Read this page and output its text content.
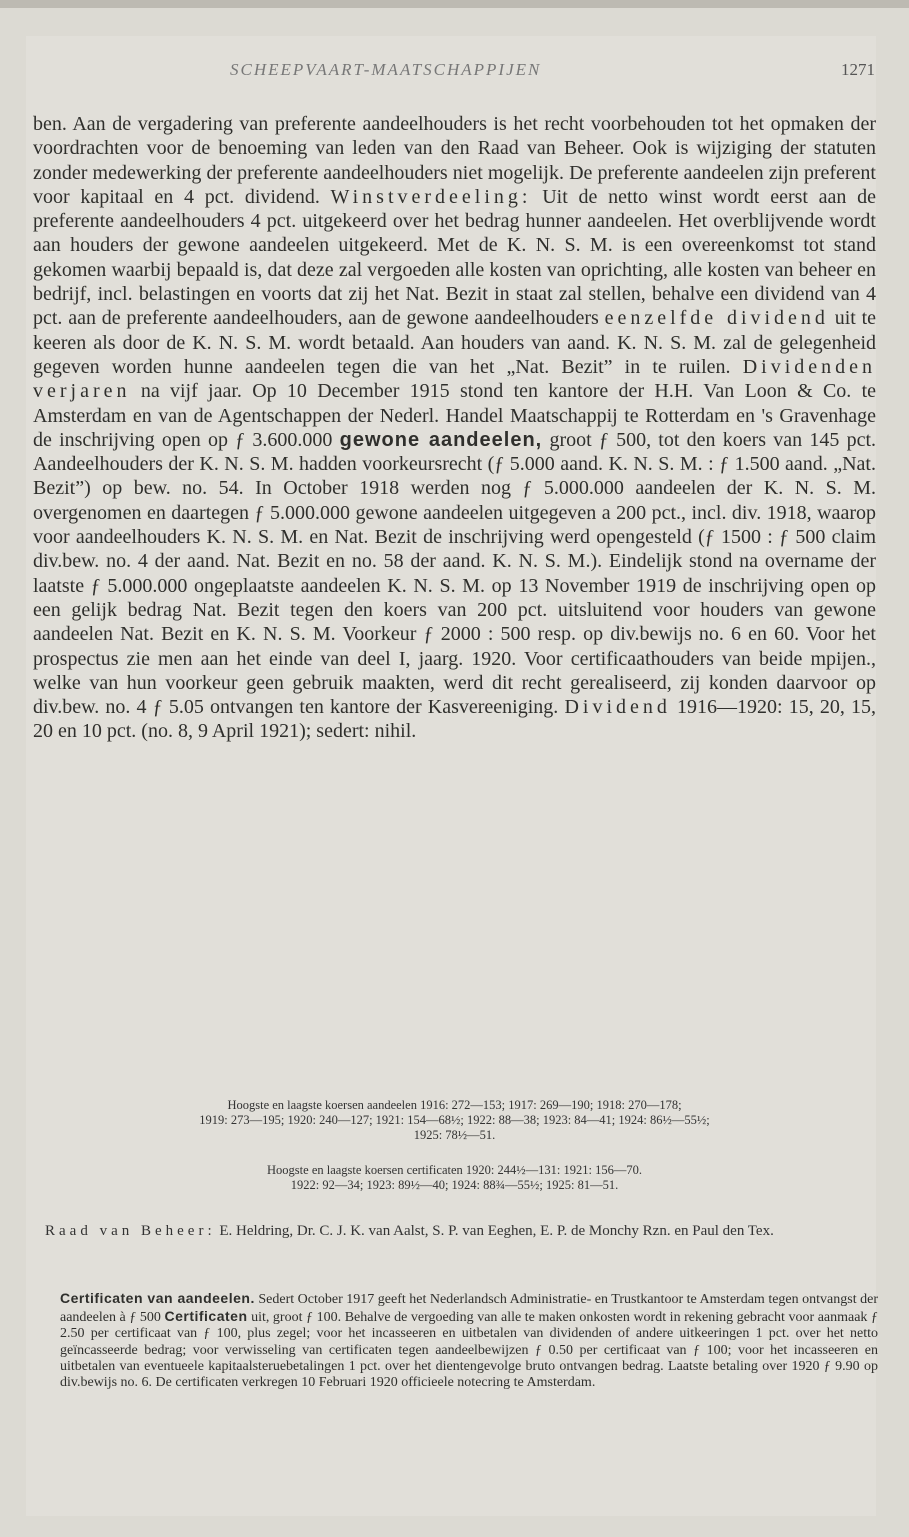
SCHEEPVAART-MAATSCHAPPIJEN	1271
ben. Aan de vergadering van preferente aandeelhouders is het recht voorbehouden tot het opmaken der voordrachten voor de benoeming van leden van den Raad van Beheer. Ook is wijziging der statuten zonder medewerking der preferente aandeelhouders niet mogelijk. De preferente aandeelen zijn preferent voor kapitaal en 4 pct. dividend. Winstverdeeling: Uit de netto winst wordt eerst aan de preferente aandeelhouders 4 pct. uitgekeerd over het bedrag hunner aandeelen. Het overblijvende wordt aan houders der gewone aandeelen uitgekeerd. Met de K. N. S. M. is een overeenkomst tot stand gekomen waarbij bepaald is, dat deze zal vergoeden alle kosten van oprichting, alle kosten van beheer en bedrijf, incl. belastingen en voorts dat zij het Nat. Bezit in staat zal stellen, behalve een dividend van 4 pct. aan de preferente aandeelhouders, aan de gewone aandeelhouders eenzelfde dividend uit te keeren als door de K. N. S. M. wordt betaald. Aan houders van aand. K. N. S. M. zal de gelegenheid gegeven worden hunne aandeelen tegen die van het „Nat. Bezit” in te ruilen. Dividenden verjaren na vijf jaar. Op 10 December 1915 stond ten kantore der H.H. Van Loon & Co. te Amsterdam en van de Agentschappen der Nederl. Handel Maatschappij te Rotterdam en 's Gravenhage de inschrijving open op ƒ 3.600.000 gewone aandeelen, groot ƒ 500, tot den koers van 145 pct. Aandeelhouders der K. N. S. M. hadden voorkeursrecht (ƒ 5.000 aand. K. N. S. M. : ƒ 1.500 aand. „Nat. Bezit”) op bew. no. 54. In October 1918 werden nog ƒ 5.000.000 aandeelen der K. N. S. M. overgenomen en daartegen ƒ 5.000.000 gewone aandeelen uitgegeven a 200 pct., incl. div. 1918, waarop voor aandeelhouders K. N. S. M. en Nat. Bezit de inschrijving werd opengesteld (ƒ 1500 : ƒ 500 claim div.bew. no. 4 der aand. Nat. Bezit en no. 58 der aand. K. N. S. M.). Eindelijk stond na overname der laatste ƒ 5.000.000 ongeplaatste aandeelen K. N. S. M. op 13 November 1919 de inschrijving open op een gelijk bedrag Nat. Bezit tegen den koers van 200 pct. uitsluitend voor houders van gewone aandeelen Nat. Bezit en K. N. S. M. Voorkeur ƒ 2000 : 500 resp. op div.bewijs no. 6 en 60. Voor het prospectus zie men aan het einde van deel I, jaarg. 1920. Voor certificaathouders van beide mpijen., welke van hun voorkeur geen gebruik maakten, werd dit recht gerealiseerd, zij konden daarvoor op div.bew. no. 4 ƒ 5.05 ontvangen ten kantore der Kasvereeniging. Dividend 1916—1920: 15, 20, 15, 20 en 10 pct. (no. 8, 9 April 1921); sedert: nihil.
Hoogste en laagste koersen aandeelen 1916: 272—153; 1917: 269—190; 1918: 270—178;
1919: 273—195; 1920: 240—127; 1921: 154—68½; 1922: 88—38; 1923: 84—41; 1924: 86½—55½;
1925: 78½—51.
Hoogste en laagste koersen certificaten 1920: 244½—131: 1921: 156—70.
1922: 92—34; 1923: 89½—40; 1924: 88¾—55½; 1925: 81—51.
Raad van Beheer: E. Heldring, Dr. C. J. K. van Aalst, S. P. van Eeghen, E. P. de Monchy Rzn. en Paul den Tex.
Certificaten van aandeelen. Sedert October 1917 geeft het Nederlandsch Administratie- en Trustkantoor te Amsterdam tegen ontvangst der aandeelen à ƒ 500 Certificaten uit, groot ƒ 100. Behalve de vergoeding van alle te maken onkosten wordt in rekening gebracht voor aanmaak ƒ 2.50 per certificaat van ƒ 100, plus zegel; voor het incasseeren en uitbetalen van dividenden of andere uitkeeringen 1 pct. over het netto geïncasseerde bedrag; voor verwisseling van certificaten tegen aandeelbewijzen ƒ 0.50 per certificaat van ƒ 100; voor het incasseeren en uitbetalen van eventueele kapitaalsteruebetalingen 1 pct. over het dientengevolge bruto ontvangen bedrag. Laatste betaling over 1920 ƒ 9.90 op div.bewijs no. 6. De certificaten verkregen 10 Februari 1920 officieele notecring te Amsterdam.
